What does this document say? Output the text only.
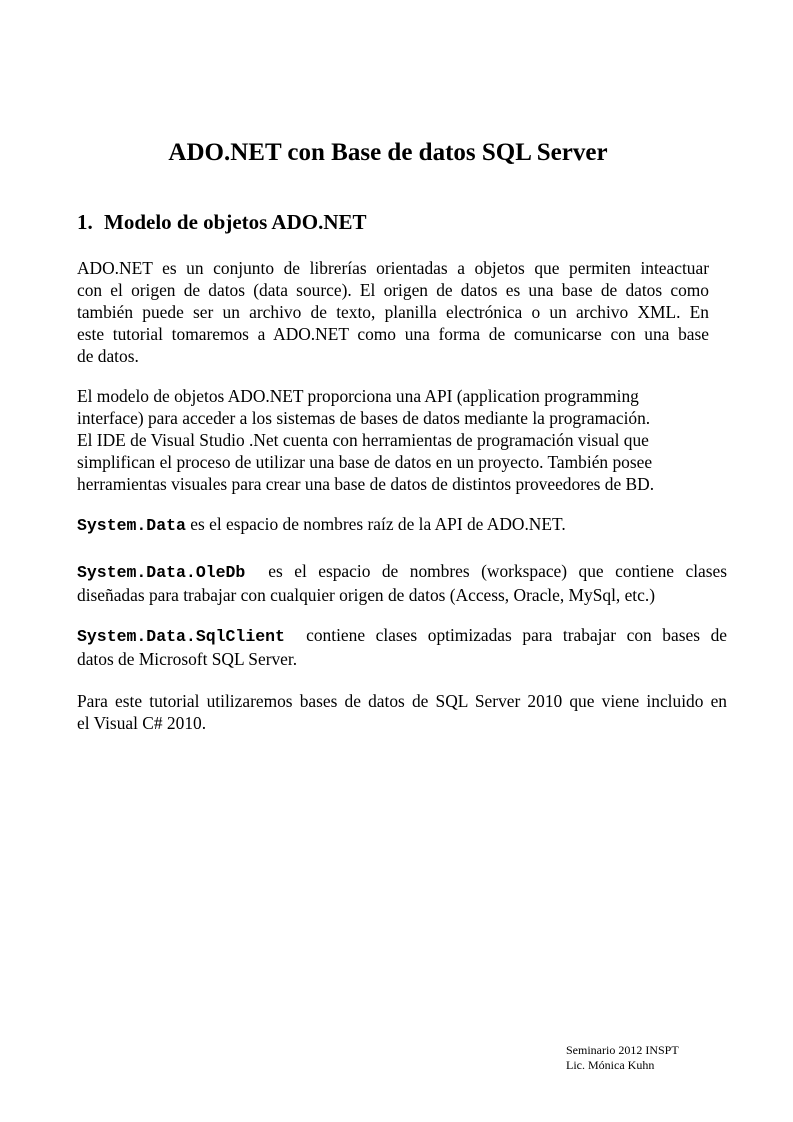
ADO.NET con Base de datos SQL Server
1. Modelo de objetos ADO.NET

ADO.NET es un conjunto de librerías orientadas a objetos que permiten inteactuar
con el origen de datos (data source). El origen de datos es una base de datos como
también puede ser un archivo de texto, planilla electrónica o un archivo XML. En
este tutorial tomaremos a ADO.NET como una forma de comunicarse con una base
de datos.

El modelo de objetos ADO.NET proporciona una API (application programming
interface) para acceder a los sistemas de bases de datos mediante la programación.
El IDE de Visual Studio .Net cuenta con herramientas de programación visual que
simplifican el proceso de utilizar una base de datos en un proyecto. También posee
herramientas visuales para crear una base de datos de distintos proveedores de BD.

System.Data es el espacio de nombres raíz de la API de ADO.NET.

System.Data.OleDb  es el espacio de nombres (workspace) que contiene clases
diseñadas para trabajar con cualquier origen de datos (Access, Oracle, MySql, etc.)

System.Data.SqlClient  contiene clases optimizadas para trabajar con bases de
datos de Microsoft SQL Server.

Para este tutorial utilizaremos bases de datos de SQL Server 2010 que viene incluido en
el Visual C# 2010.

Seminario 2012 INSPT
Lic. Mónica Kuhn
